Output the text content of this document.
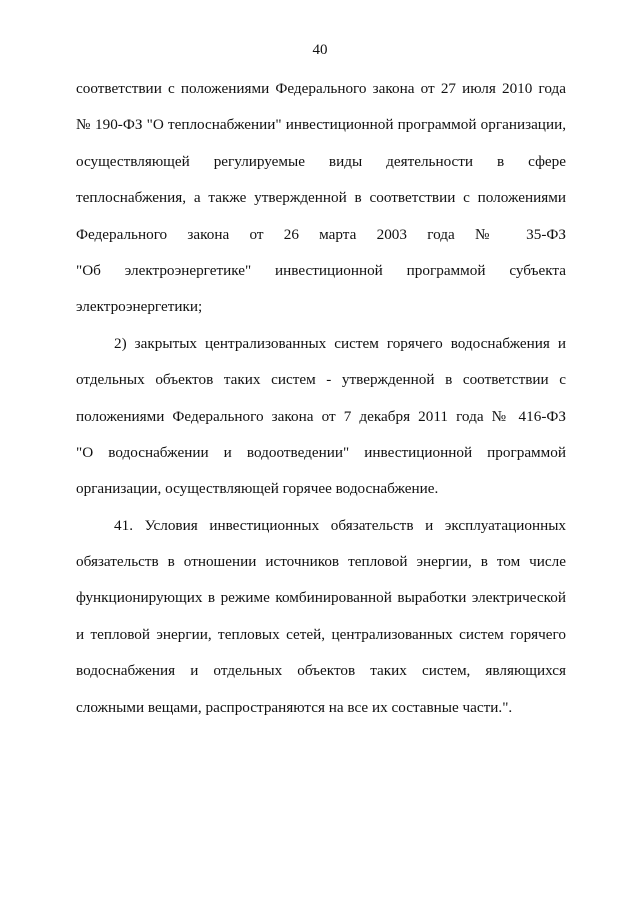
40
соответствии с положениями Федерального закона от 27 июля 2010 года
№ 190-ФЗ "О теплоснабжении" инвестиционной программой организации,
осуществляющей регулируемые виды деятельности в сфере
теплоснабжения, а также утвержденной в соответствии с положениями
Федерального закона от 26 марта 2003 года № 35-ФЗ
"Об электроэнергетике" инвестиционной программой субъекта
электроэнергетики;
2) закрытых централизованных систем горячего водоснабжения и
отдельных объектов таких систем - утвержденной в соответствии с
положениями Федерального закона от 7 декабря 2011 года № 416-ФЗ
"О водоснабжении и водоотведении" инвестиционной программой
организации, осуществляющей горячее водоснабжение.
41. Условия инвестиционных обязательств и эксплуатационных
обязательств в отношении источников тепловой энергии, в том числе
функционирующих в режиме комбинированной выработки электрической
и тепловой энергии, тепловых сетей, централизованных систем горячего
водоснабжения и отдельных объектов таких систем, являющихся
сложными вещами, распространяются на все их составные части.".
